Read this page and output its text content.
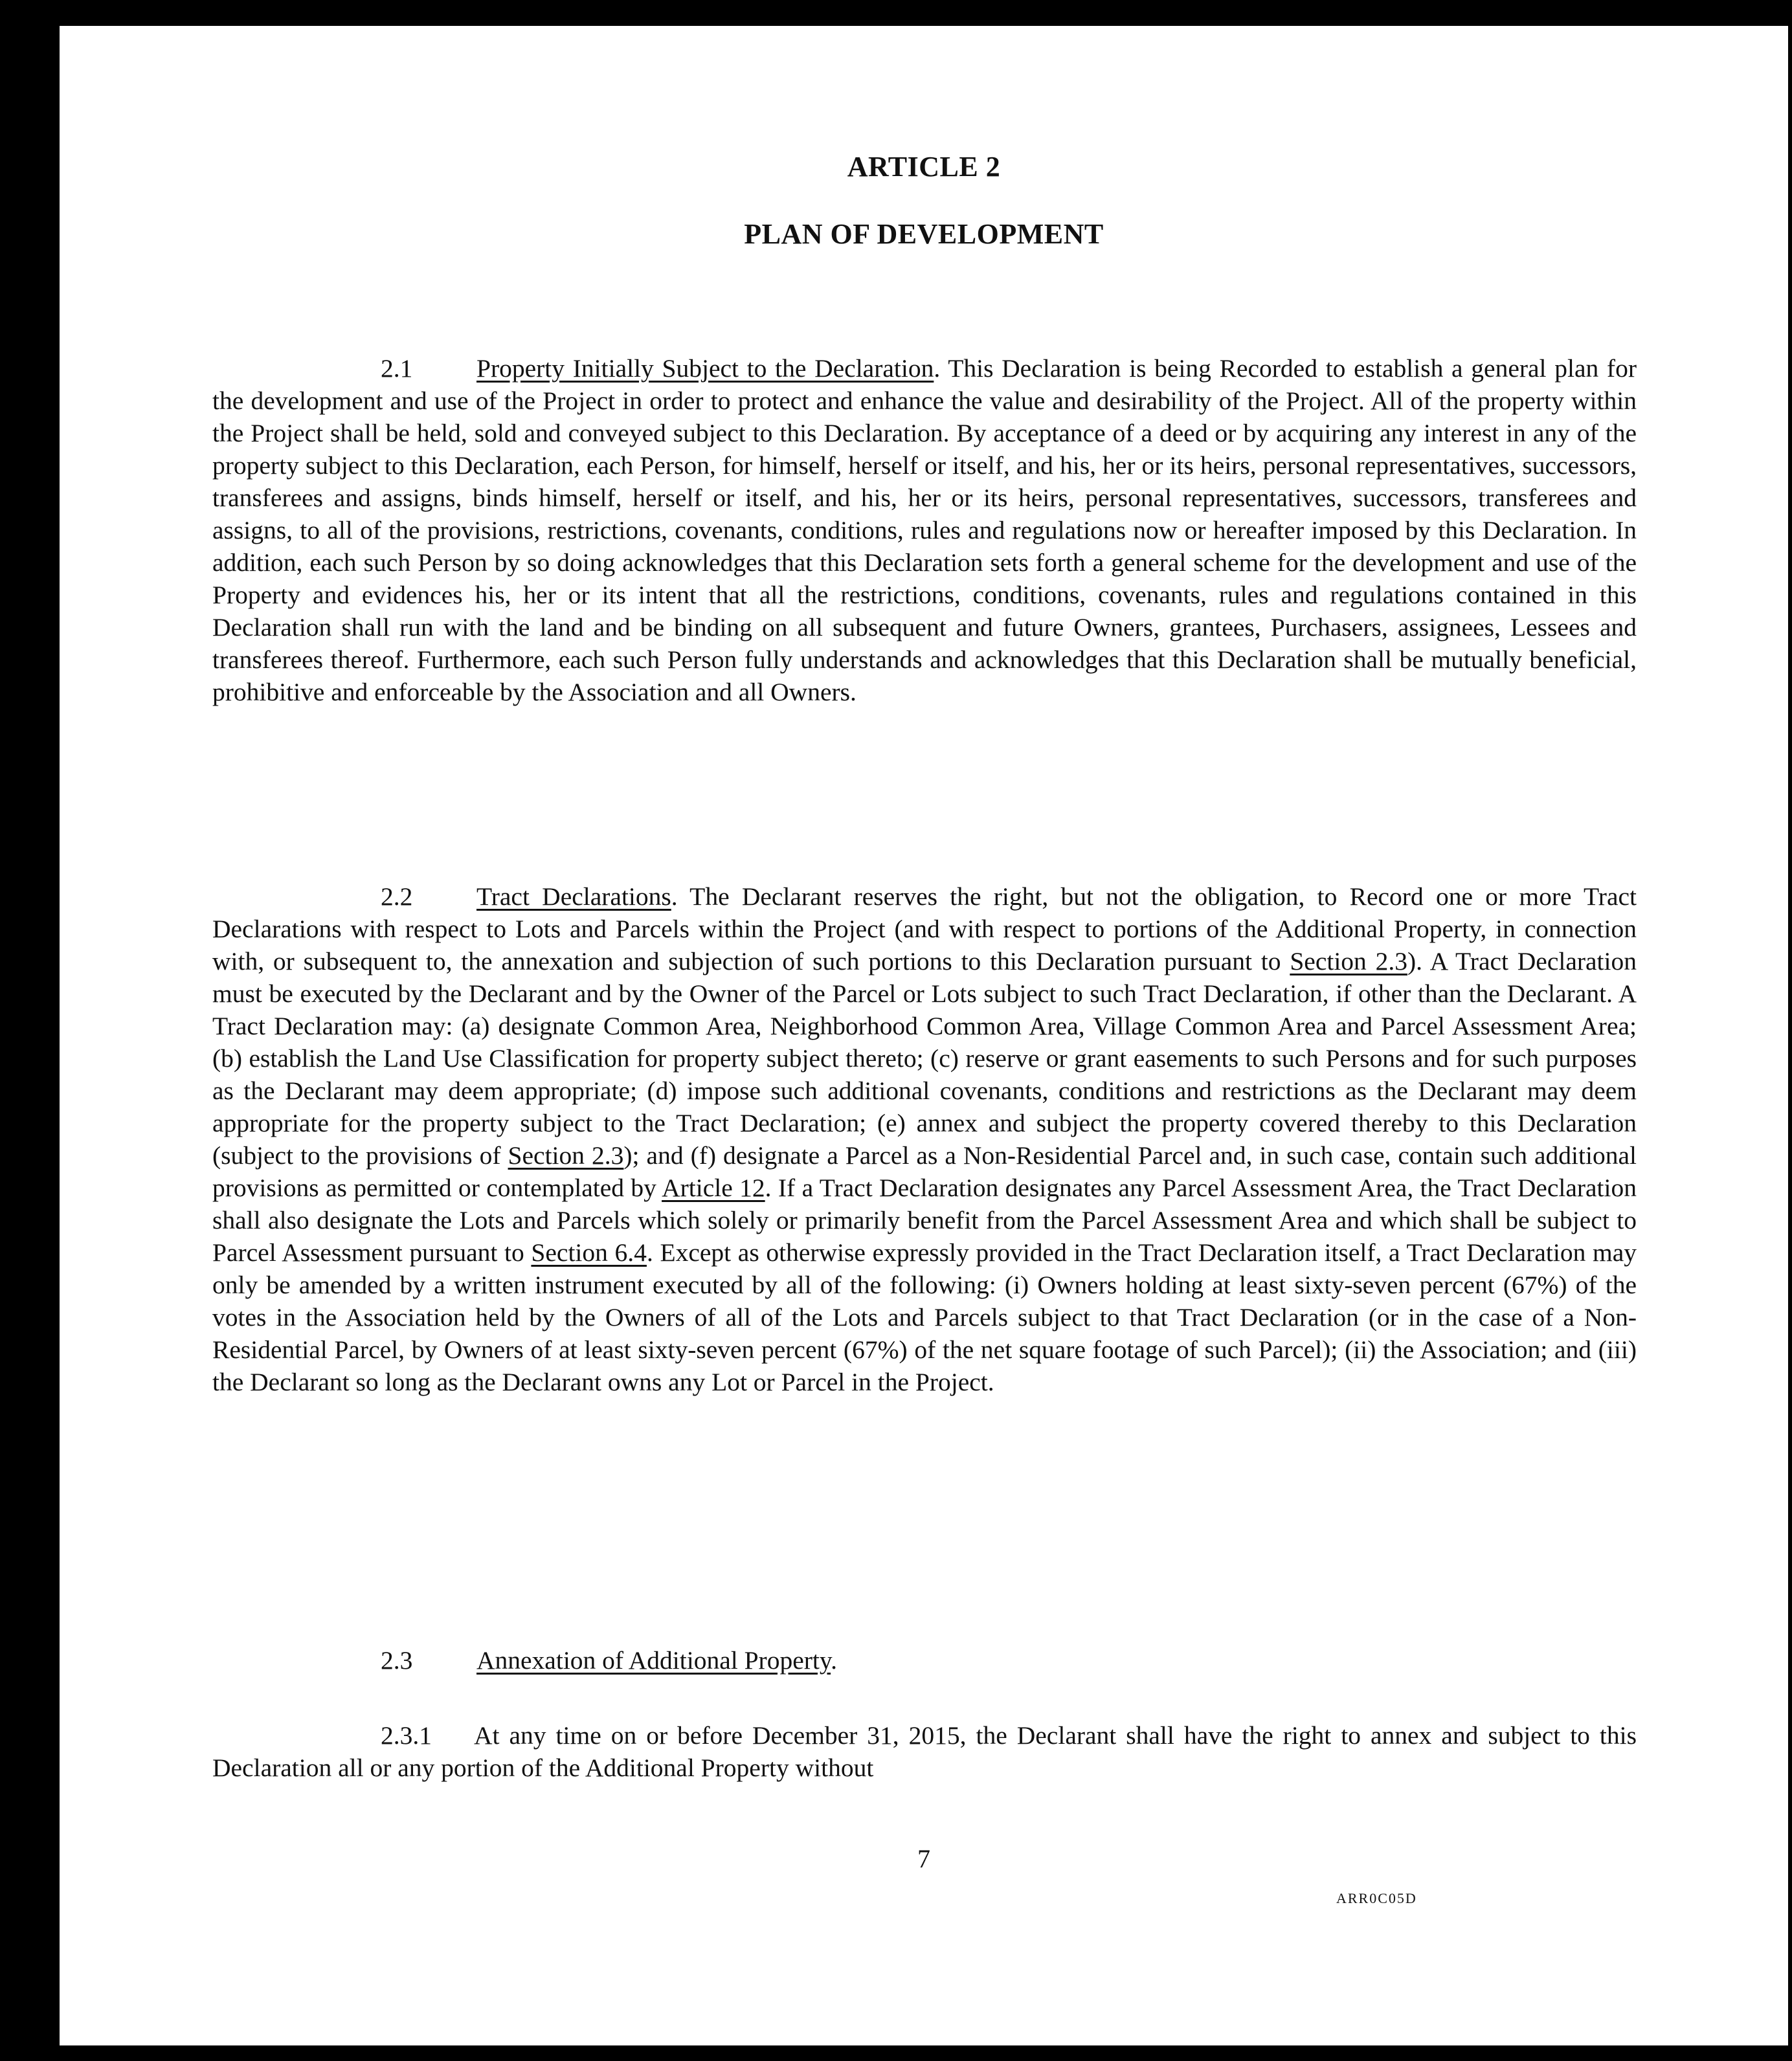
ARTICLE 2
PLAN OF DEVELOPMENT

2.1 Property Initially Subject to the Declaration. This Declaration is being Recorded to establish a general plan for the development and use of the Project in order to protect and enhance the value and desirability of the Project. All of the property within the Project shall be held, sold and conveyed subject to this Declaration. By acceptance of a deed or by acquiring any interest in any of the property subject to this Declaration, each Person, for himself, herself or itself, and his, her or its heirs, personal representatives, successors, transferees and assigns, binds himself, herself or itself, and his, her or its heirs, personal representatives, successors, transferees and assigns, to all of the provisions, restrictions, covenants, conditions, rules and regulations now or hereafter imposed by this Declaration. In addition, each such Person by so doing acknowledges that this Declaration sets forth a general scheme for the development and use of the Property and evidences his, her or its intent that all the restrictions, conditions, covenants, rules and regulations contained in this Declaration shall run with the land and be binding on all subsequent and future Owners, grantees, Purchasers, assignees, Lessees and transferees thereof. Furthermore, each such Person fully understands and acknowledges that this Declaration shall be mutually beneficial, prohibitive and enforceable by the Association and all Owners.

2.2 Tract Declarations. The Declarant reserves the right, but not the obligation, to Record one or more Tract Declarations with respect to Lots and Parcels within the Project (and with respect to portions of the Additional Property, in connection with, or subsequent to, the annexation and subjection of such portions to this Declaration pursuant to Section 2.3). A Tract Declaration must be executed by the Declarant and by the Owner of the Parcel or Lots subject to such Tract Declaration, if other than the Declarant. A Tract Declaration may: (a) designate Common Area, Neighborhood Common Area, Village Common Area and Parcel Assessment Area; (b) establish the Land Use Classification for property subject thereto; (c) reserve or grant easements to such Persons and for such purposes as the Declarant may deem appropriate; (d) impose such additional covenants, conditions and restrictions as the Declarant may deem appropriate for the property subject to the Tract Declaration; (e) annex and subject the property covered thereby to this Declaration (subject to the provisions of Section 2.3); and (f) designate a Parcel as a Non-Residential Parcel and, in such case, contain such additional provisions as permitted or contemplated by Article 12. If a Tract Declaration designates any Parcel Assessment Area, the Tract Declaration shall also designate the Lots and Parcels which solely or primarily benefit from the Parcel Assessment Area and which shall be subject to Parcel Assessment pursuant to Section 6.4. Except as otherwise expressly provided in the Tract Declaration itself, a Tract Declaration may only be amended by a written instrument executed by all of the following: (i) Owners holding at least sixty-seven percent (67%) of the votes in the Association held by the Owners of all of the Lots and Parcels subject to that Tract Declaration (or in the case of a Non-Residential Parcel, by Owners of at least sixty-seven percent (67%) of the net square footage of such Parcel); (ii) the Association; and (iii) the Declarant so long as the Declarant owns any Lot or Parcel in the Project.

2.3 Annexation of Additional Property.

2.3.1 At any time on or before December 31, 2015, the Declarant shall have the right to annex and subject to this Declaration all or any portion of the Additional Property without

7

ARR0C05D
